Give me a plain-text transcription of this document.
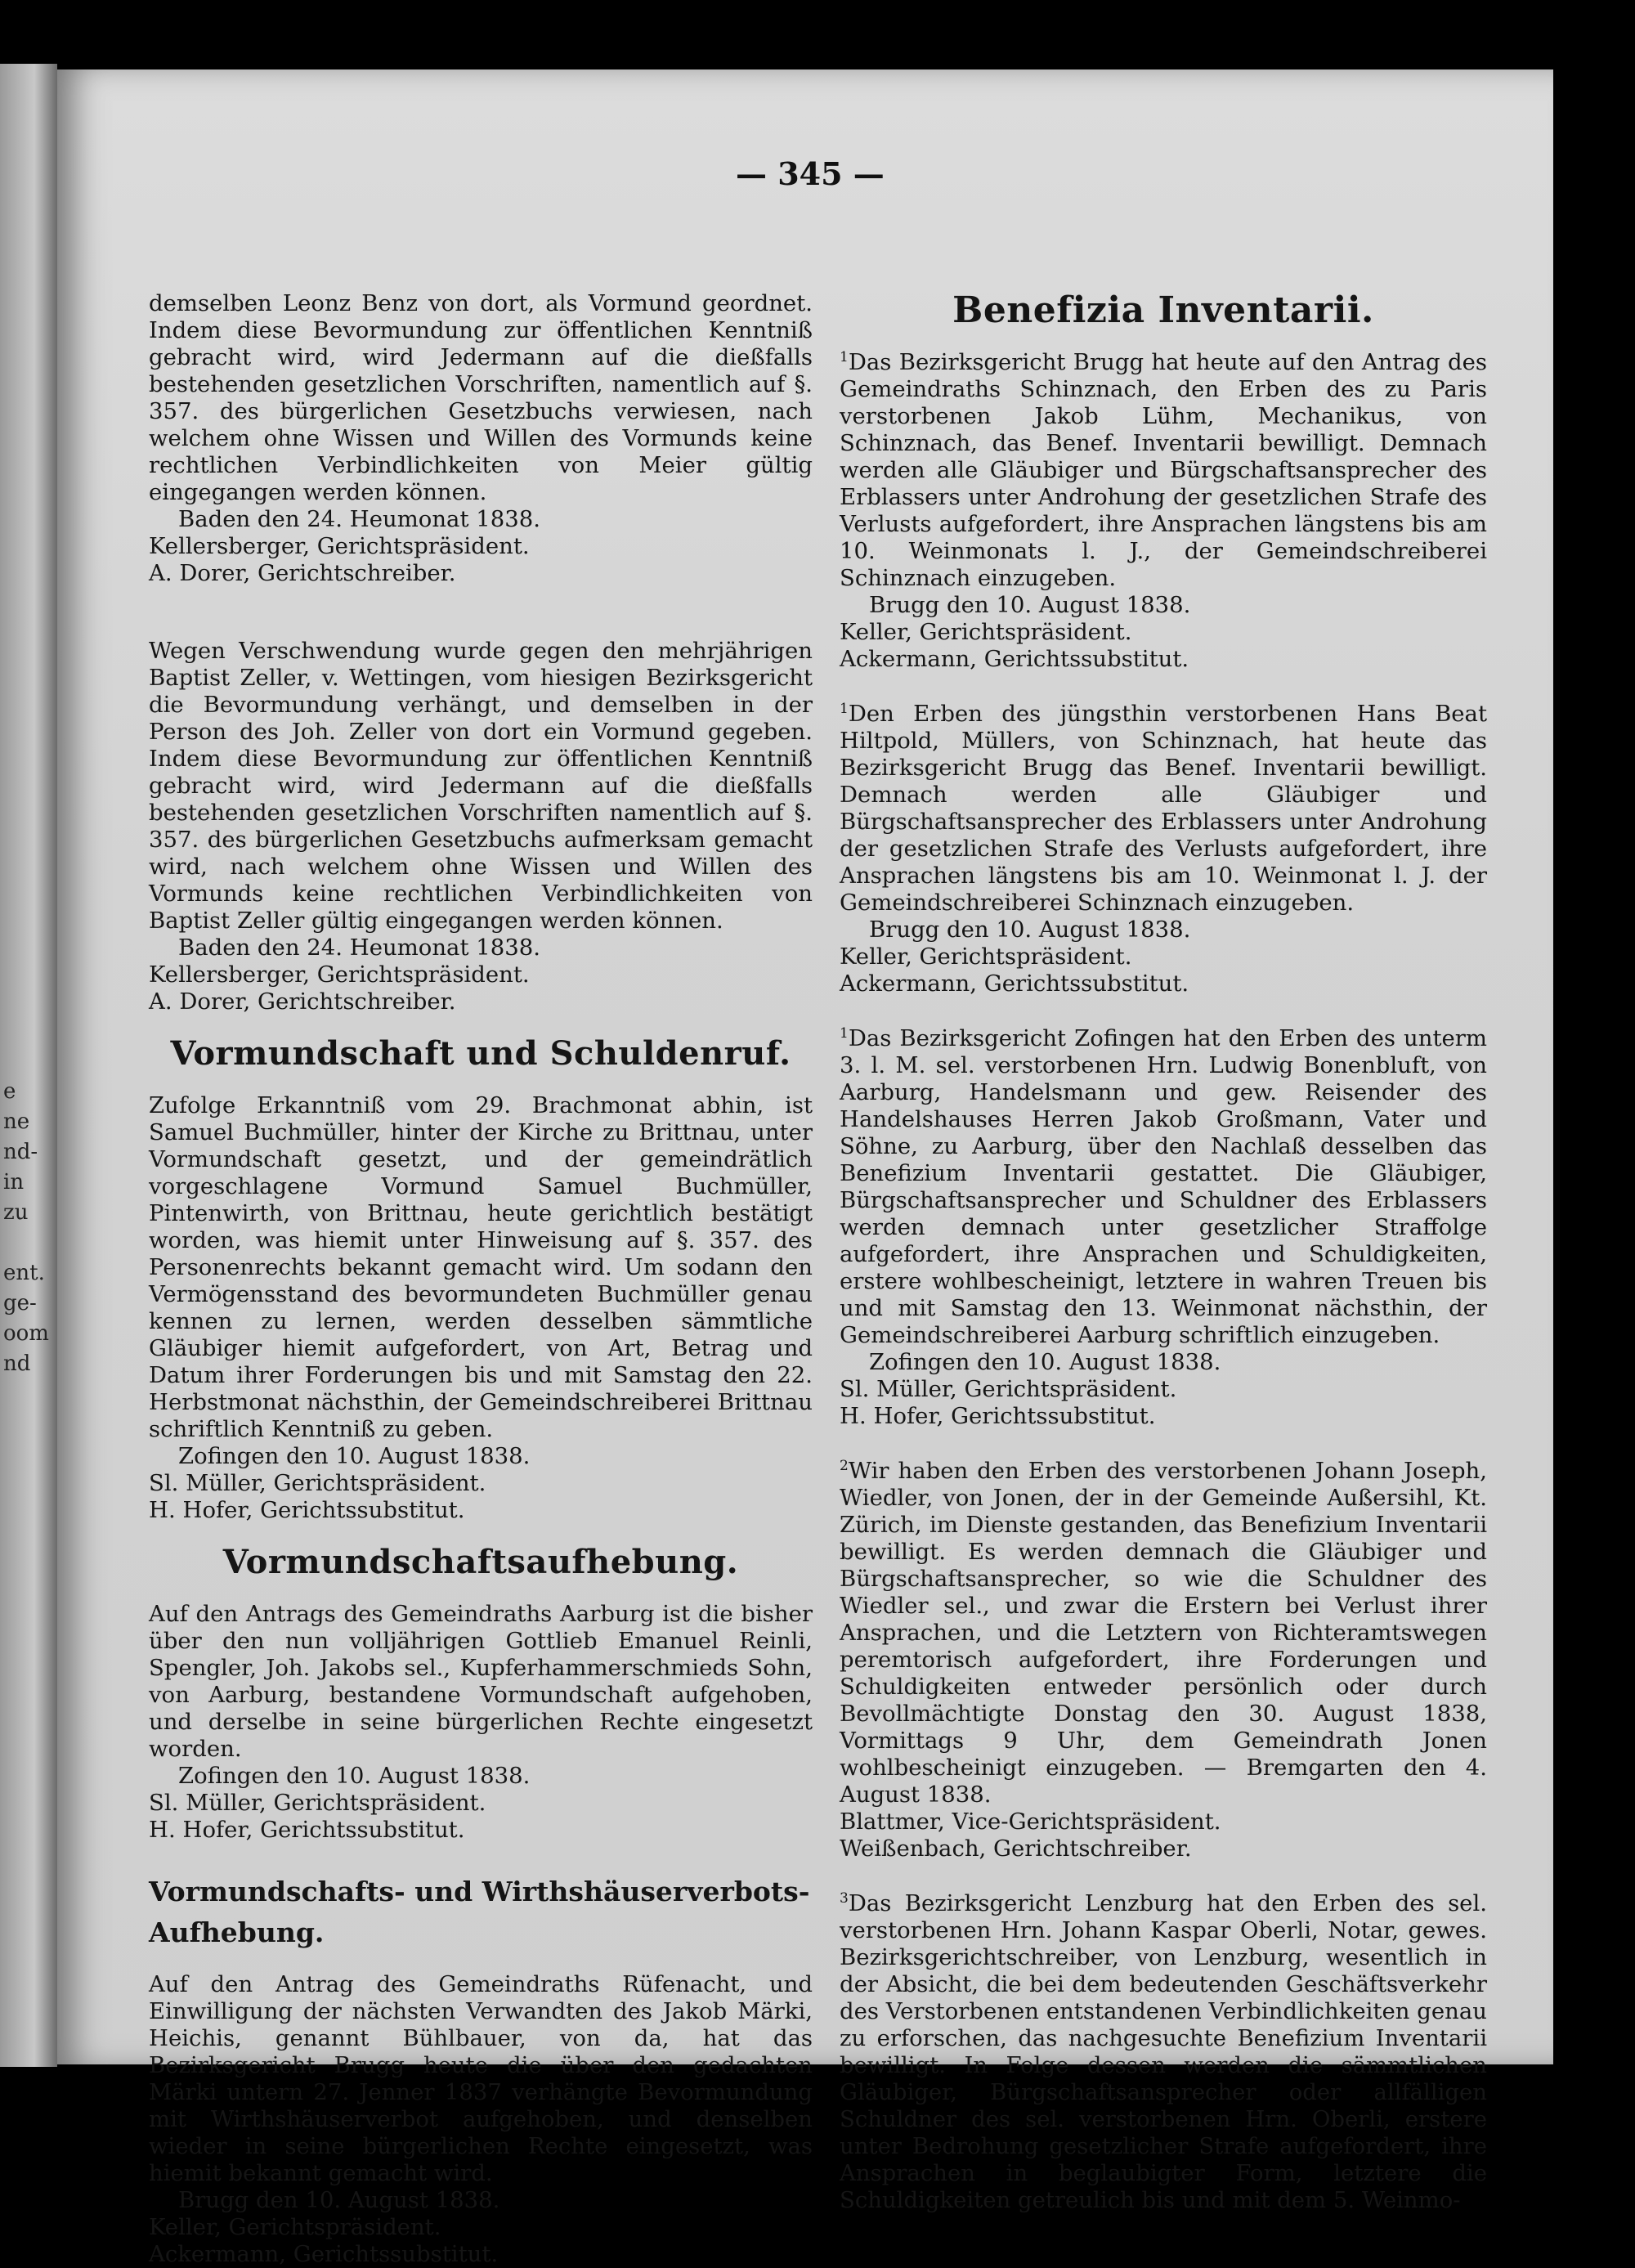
e
ne
nd-
in
zu
ent.
ge-
oom
nd
— 345 —

demselben Leonz Benz von dort, als Vormund geordnet. Indem diese Bevormundung zur öffentlichen Kenntniß gebracht wird, wird Jedermann auf die dießfalls bestehenden gesetzlichen Vorschriften, namentlich auf §. 357. des bürgerlichen Gesetzbuchs verwiesen, nach welchem ohne Wissen und Willen des Vormunds keine rechtlichen Verbindlichkeiten von Meier gültig eingegangen werden können.

Baden den 24. Heumonat 1838.

Kellersberger, Gerichtspräsident.

A. Dorer, Gerichtschreiber.

Wegen Verschwendung wurde gegen den mehrjährigen Baptist Zeller, v. Wettingen, vom hiesigen Bezirksgericht die Bevormundung verhängt, und demselben in der Person des Joh. Zeller von dort ein Vormund gegeben. Indem diese Bevormundung zur öffentlichen Kenntniß gebracht wird, wird Jedermann auf die dießfalls bestehenden gesetzlichen Vorschriften namentlich auf §. 357. des bürgerlichen Gesetzbuchs aufmerksam gemacht wird, nach welchem ohne Wissen und Willen des Vormunds keine rechtlichen Verbindlichkeiten von Baptist Zeller gültig eingegangen werden können.

Baden den 24. Heumonat 1838.

Kellersberger, Gerichtspräsident.

A. Dorer, Gerichtschreiber.

Vormundschaft und Schuldenruf.

Zufolge Erkanntniß vom 29. Brachmonat abhin, ist Samuel Buchmüller, hinter der Kirche zu Brittnau, unter Vormundschaft gesetzt, und der gemeindrätlich vorgeschlagene Vormund Samuel Buchmüller, Pintenwirth, von Brittnau, heute gerichtlich bestätigt worden, was hiemit unter Hinweisung auf §. 357. des Personenrechts bekannt gemacht wird. Um sodann den Vermögensstand des bevormundeten Buchmüller genau kennen zu lernen, werden desselben sämmtliche Gläubiger hiemit aufgefordert, von Art, Betrag und Datum ihrer Forderungen bis und mit Samstag den 22. Herbstmonat nächsthin, der Gemeindschreiberei Brittnau schriftlich Kenntniß zu geben.

Zofingen den 10. August 1838.

Sl. Müller, Gerichtspräsident.

H. Hofer, Gerichtssubstitut.

Vormundschaftsaufhebung.

Auf den Antrags des Gemeindraths Aarburg ist die bisher über den nun volljährigen Gottlieb Emanuel Reinli, Spengler, Joh. Jakobs sel., Kupferhammerschmieds Sohn, von Aarburg, bestandene Vormundschaft aufgehoben, und derselbe in seine bürgerlichen Rechte eingesetzt worden.

Zofingen den 10. August 1838.

Sl. Müller, Gerichtspräsident.

H. Hofer, Gerichtssubstitut.

Vormundschafts- und Wirthshäuserverbots-Aufhebung.

Auf den Antrag des Gemeindraths Rüfenacht, und Einwilligung der nächsten Verwandten des Jakob Märki, Heichis, genannt Bühlbauer, von da, hat das Bezirksgericht Brugg heute die über den gedachten Märki untern 27. Jenner 1837 verhängte Bevormundung mit Wirthshäuserverbot aufgehoben, und denselben wieder in seine bürgerlichen Rechte eingesetzt, was hiemit bekannt gemacht wird.

Brugg den 10. August 1838.

Keller, Gerichtspräsident.

Ackermann, Gerichtssubstitut.

Benefizia Inventarii.

$^1$Das Bezirksgericht Brugg hat heute auf den Antrag des Gemeindraths Schinznach, den Erben des zu Paris verstorbenen Jakob Lühm, Mechanikus, von Schinznach, das Benef. Inventarii bewilligt. Demnach werden alle Gläubiger und Bürgschaftsansprecher des Erblassers unter Androhung der gesetzlichen Strafe des Verlusts aufgefordert, ihre Ansprachen längstens bis am 10. Weinmonats l. J., der Gemeindschreiberei Schinznach einzugeben.

Brugg den 10. August 1838.

Keller, Gerichtspräsident.

Ackermann, Gerichtssubstitut.

$^1$Den Erben des jüngsthin verstorbenen Hans Beat Hiltpold, Müllers, von Schinznach, hat heute das Bezirksgericht Brugg das Benef. Inventarii bewilligt. Demnach werden alle Gläubiger und Bürgschaftsansprecher des Erblassers unter Androhung der gesetzlichen Strafe des Verlusts aufgefordert, ihre Ansprachen längstens bis am 10. Weinmonat l. J. der Gemeindschreiberei Schinznach einzugeben.

Brugg den 10. August 1838.

Keller, Gerichtspräsident.

Ackermann, Gerichtssubstitut.

$^1$Das Bezirksgericht Zofingen hat den Erben des unterm 3. l. M. sel. verstorbenen Hrn. Ludwig Bonenbluft, von Aarburg, Handelsmann und gew. Reisender des Handelshauses Herren Jakob Großmann, Vater und Söhne, zu Aarburg, über den Nachlaß desselben das Benefizium Inventarii gestattet. Die Gläubiger, Bürgschaftsansprecher und Schuldner des Erblassers werden demnach unter gesetzlicher Straffolge aufgefordert, ihre Ansprachen und Schuldigkeiten, erstere wohlbescheinigt, letztere in wahren Treuen bis und mit Samstag den 13. Weinmonat nächsthin, der Gemeindschreiberei Aarburg schriftlich einzugeben.

Zofingen den 10. August 1838.

Sl. Müller, Gerichtspräsident.

H. Hofer, Gerichtssubstitut.

$^2$Wir haben den Erben des verstorbenen Johann Joseph, Wiedler, von Jonen, der in der Gemeinde Außersihl, Kt. Zürich, im Dienste gestanden, das Benefizium Inventarii bewilligt. Es werden demnach die Gläubiger und Bürgschaftsansprecher, so wie die Schuldner des Wiedler sel., und zwar die Erstern bei Verlust ihrer Ansprachen, und die Letztern von Richteramtswegen peremtorisch aufgefordert, ihre Forderungen und Schuldigkeiten entweder persönlich oder durch Bevollmächtigte Donstag den 30. August 1838, Vormittags 9 Uhr, dem Gemeindrath Jonen wohlbescheinigt einzugeben. — Bremgarten den 4. August 1838.

Blattmer, Vice-Gerichtspräsident.

Weißenbach, Gerichtschreiber.

$^3$Das Bezirksgericht Lenzburg hat den Erben des sel. verstorbenen Hrn. Johann Kaspar Oberli, Notar, gewes. Bezirksgerichtschreiber, von Lenzburg, wesentlich in der Absicht, die bei dem bedeutenden Geschäftsverkehr des Verstorbenen entstandenen Verbindlichkeiten genau zu erforschen, das nachgesuchte Benefizium Inventarii bewilligt. In Folge dessen werden die sämmtlichen Gläubiger, Bürgschaftsansprecher oder allfälligen Schuldner des sel. verstorbenen Hrn. Oberli, erstere unter Bedrohung gesetzlicher Strafe aufgefordert, ihre Ansprachen in beglaubigter Form, letztere die Schuldigkeiten getreulich bis und mit dem 5. Weinmo-
